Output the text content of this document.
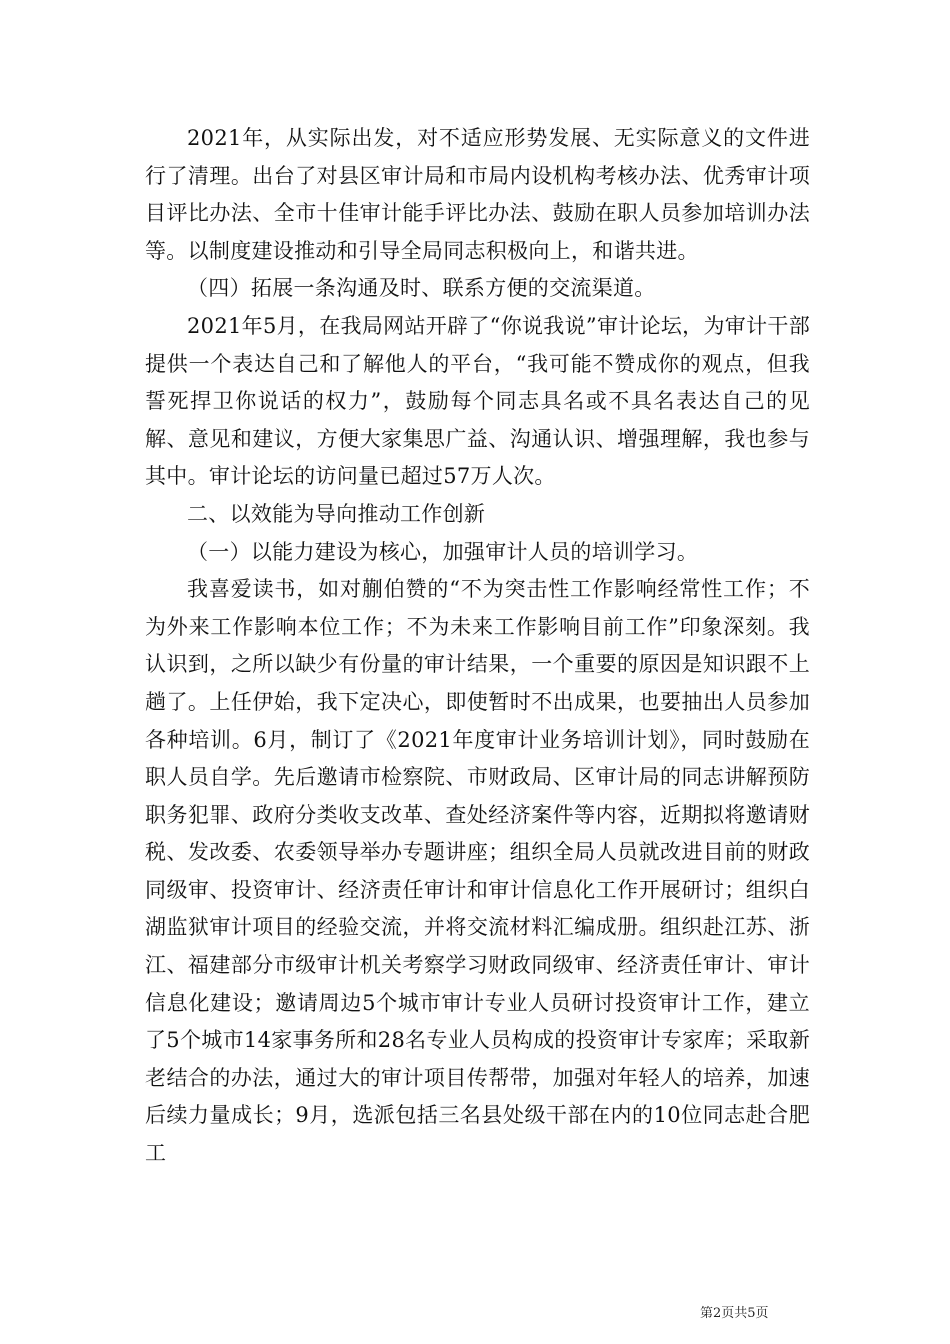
2021年，从实际出发，对不适应形势发展、无实际意义的文件进行了清理。出台了对县区审计局和市局内设机构考核办法、优秀审计项目评比办法、全市十佳审计能手评比办法、鼓励在职人员参加培训办法等。以制度建设推动和引导全局同志积极向上，和谐共进。

（四）拓展一条沟通及时、联系方便的交流渠道。

2021年5月，在我局网站开辟了“你说我说”审计论坛，为审计干部提供一个表达自己和了解他人的平台，“我可能不赞成你的观点，但我誓死捍卫你说话的权力”，鼓励每个同志具名或不具名表达自己的见解、意见和建议，方便大家集思广益、沟通认识、增强理解，我也参与其中。审计论坛的访问量已超过57万人次。

二、以效能为导向推动工作创新

（一）以能力建设为核心，加强审计人员的培训学习。

我喜爱读书，如对蒯伯赞的“不为突击性工作影响经常性工作；不为外来工作影响本位工作；不为未来工作影响目前工作”印象深刻。我认识到，之所以缺少有份量的审计结果，一个重要的原因是知识跟不上趟了。上任伊始，我下定决心，即使暂时不出成果，也要抽出人员参加各种培训。6月，制订了《2021年度审计业务培训计划》，同时鼓励在职人员自学。先后邀请市检察院、市财政局、区审计局的同志讲解预防职务犯罪、政府分类收支改革、查处经济案件等内容，近期拟将邀请财税、发改委、农委领导举办专题讲座；组织全局人员就改进目前的财政同级审、投资审计、经济责任审计和审计信息化工作开展研讨；组织白湖监狱审计项目的经验交流，并将交流材料汇编成册。组织赴江苏、浙江、福建部分市级审计机关考察学习财政同级审、经济责任审计、审计信息化建设；邀请周边5个城市审计专业人员研讨投资审计工作，建立了5个城市14家事务所和28名专业人员构成的投资审计专家库；采取新老结合的办法，通过大的审计项目传帮带，加强对年轻人的培养，加速后续力量成长；9月，选派包括三名县处级干部在内的10位同志赴合肥工

第2页共5页
